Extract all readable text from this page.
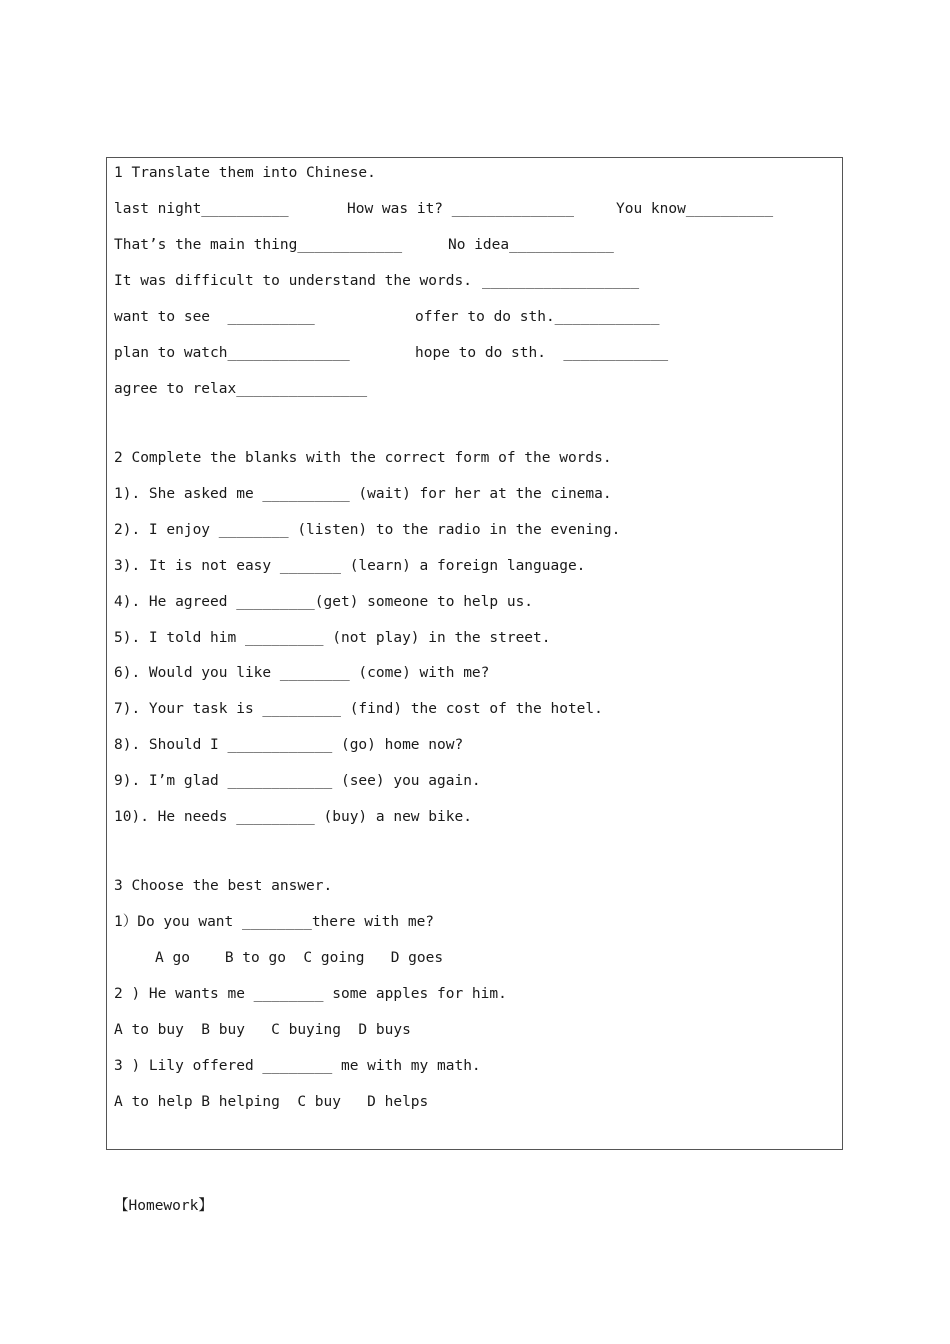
1 Translate them into Chinese.
last night__________	How was it? ______________	You know__________
That’s the main thing____________	No idea____________
It was difficult to understand the words. __________________
want to see  __________	offer to do sth.____________
plan to watch______________	hope to do sth.  ____________
agree to relax_______________
2 Complete the blanks with the correct form of the words.
1). She asked me __________ (wait) for her at the cinema.
2). I enjoy ________ (listen) to the radio in the evening.
3). It is not easy _______ (learn) a foreign language.
4). He agreed _________(get) someone to help us.
5). I told him _________ (not play) in the street.
6). Would you like ________ (come) with me?
7). Your task is _________ (find) the cost of the hotel.
8). Should I ____________ (go) home now?
9). I’m glad ____________ (see) you again.
10). He needs _________ (buy) a new bike.
3 Choose the best answer.
1）Do you want ________there with me?
A go    B to go  C going   D goes
2 ) He wants me ________ some apples for him.
A to buy  B buy   C buying  D buys
3 ) Lily offered ________ me with my math.
A to help B helping  C buy   D helps
【Homework】
